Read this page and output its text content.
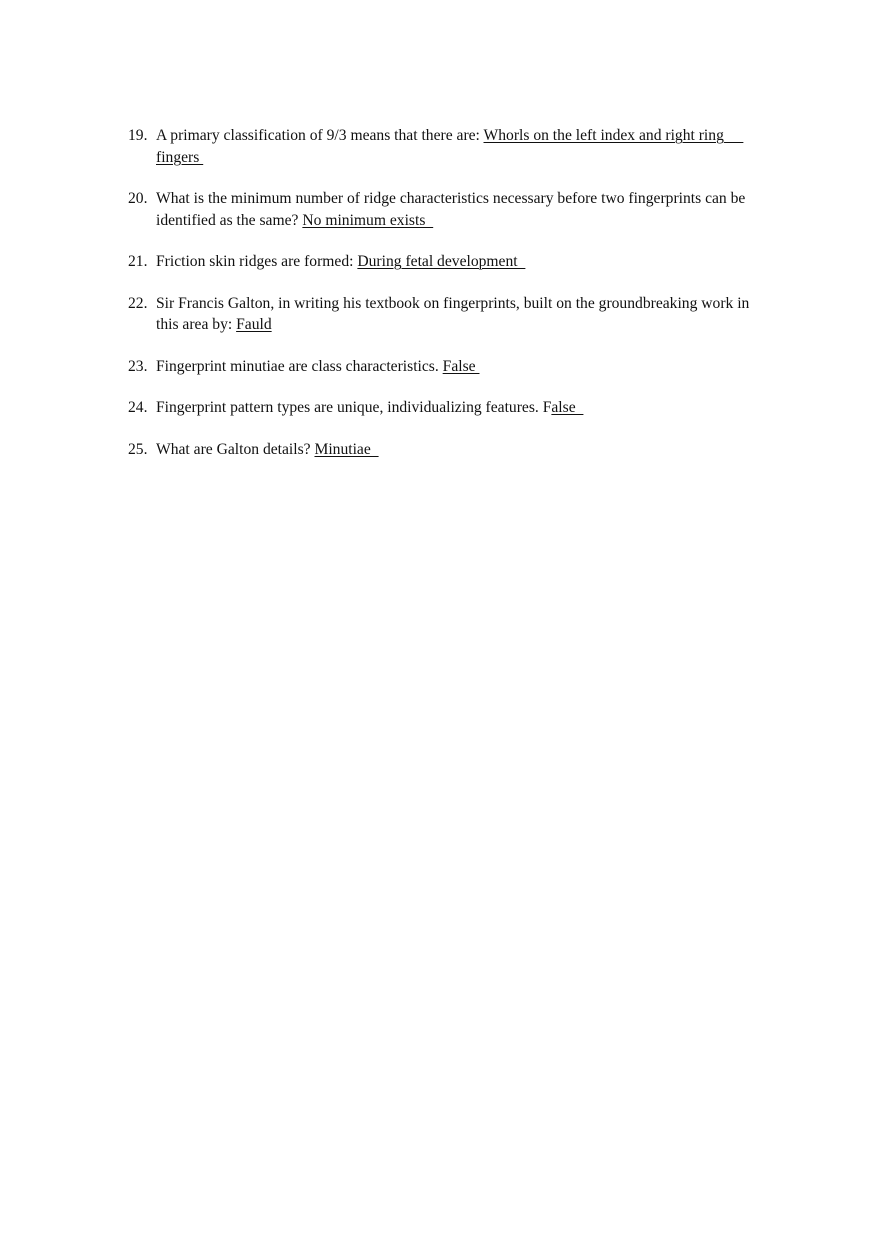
19. A primary classification of 9/3 means that there are: Whorls on the left index and right ring     fingers
20. What is the minimum number of ridge characteristics necessary before two fingerprints can be identified as the same? No minimum exists
21. Friction skin ridges are formed: During fetal development
22. Sir Francis Galton, in writing his textbook on fingerprints, built on the groundbreaking work in this area by: Fauld
23. Fingerprint minutiae are class characteristics. False
24. Fingerprint pattern types are unique, individualizing features. False
25. What are Galton details? Minutiae
